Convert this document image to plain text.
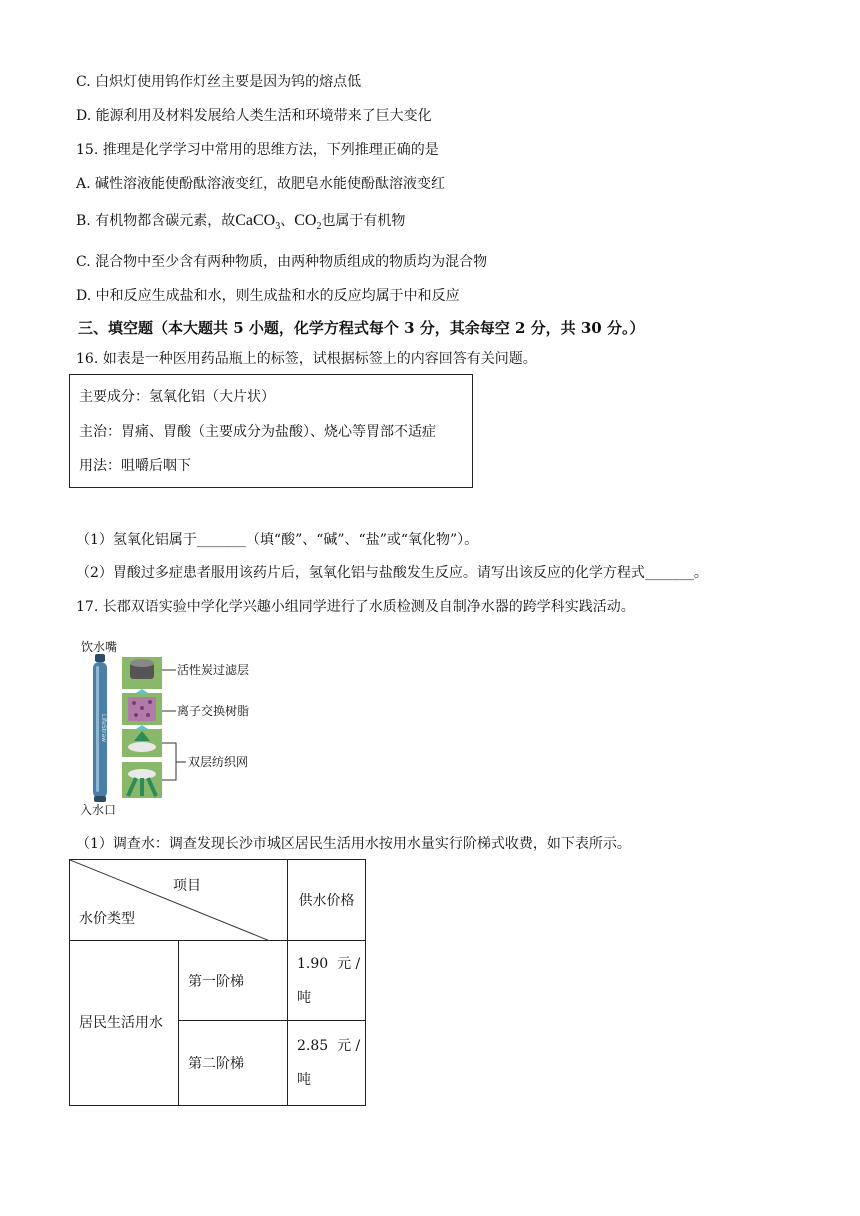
C. 白炽灯使用钨作灯丝主要是因为钨的熔点低
D. 能源利用及材料发展给人类生活和环境带来了巨大变化
15. 推理是化学学习中常用的思维方法，下列推理正确的是
A. 碱性溶液能使酚酞溶液变红，故肥皂水能使酚酞溶液变红
B. 有机物都含碳元素，故CaCO$_3$、$CO_2$也属于有机物
C. 混合物中至少含有两种物质，由两种物质组成的物质均为混合物
D. 中和反应生成盐和水，则生成盐和水的反应均属于中和反应
三、填空题（本大题共 5 小题，化学方程式每个 3 分，其余每空 2 分，共 30 分。）
16. 如表是一种医用药品瓶上的标签，试根据标签上的内容回答有关问题。
主要成分：氢氧化铝（大片状）
主治：胃痛、胃酸（主要成分为盐酸）、烧心等胃部不适症
用法：咀嚼后咽下
（1）氢氧化铝属于_______（填“酸”、“碱”、“盐”或“氧化物”）。
（2）胃酸过多症患者服用该药片后，氢氧化铝与盐酸发生反应。请写出该反应的化学方程式_______。
17. 长郡双语实验中学化学兴趣小组同学进行了水质检测及自制净水器的跨学科实践活动。
饮水嘴
入水口
活性炭过滤层
离子交换树脂
双层纺织网
LifeStraw
（1）调查水：调查发现长沙市城区居民生活用水按用水量实行阶梯式收费，如下表所示。
项目
水价类型		供水价格
居民生活用水	第一阶梯	1.90 元 /
吨
	第二阶梯	2.85 元 /
吨
